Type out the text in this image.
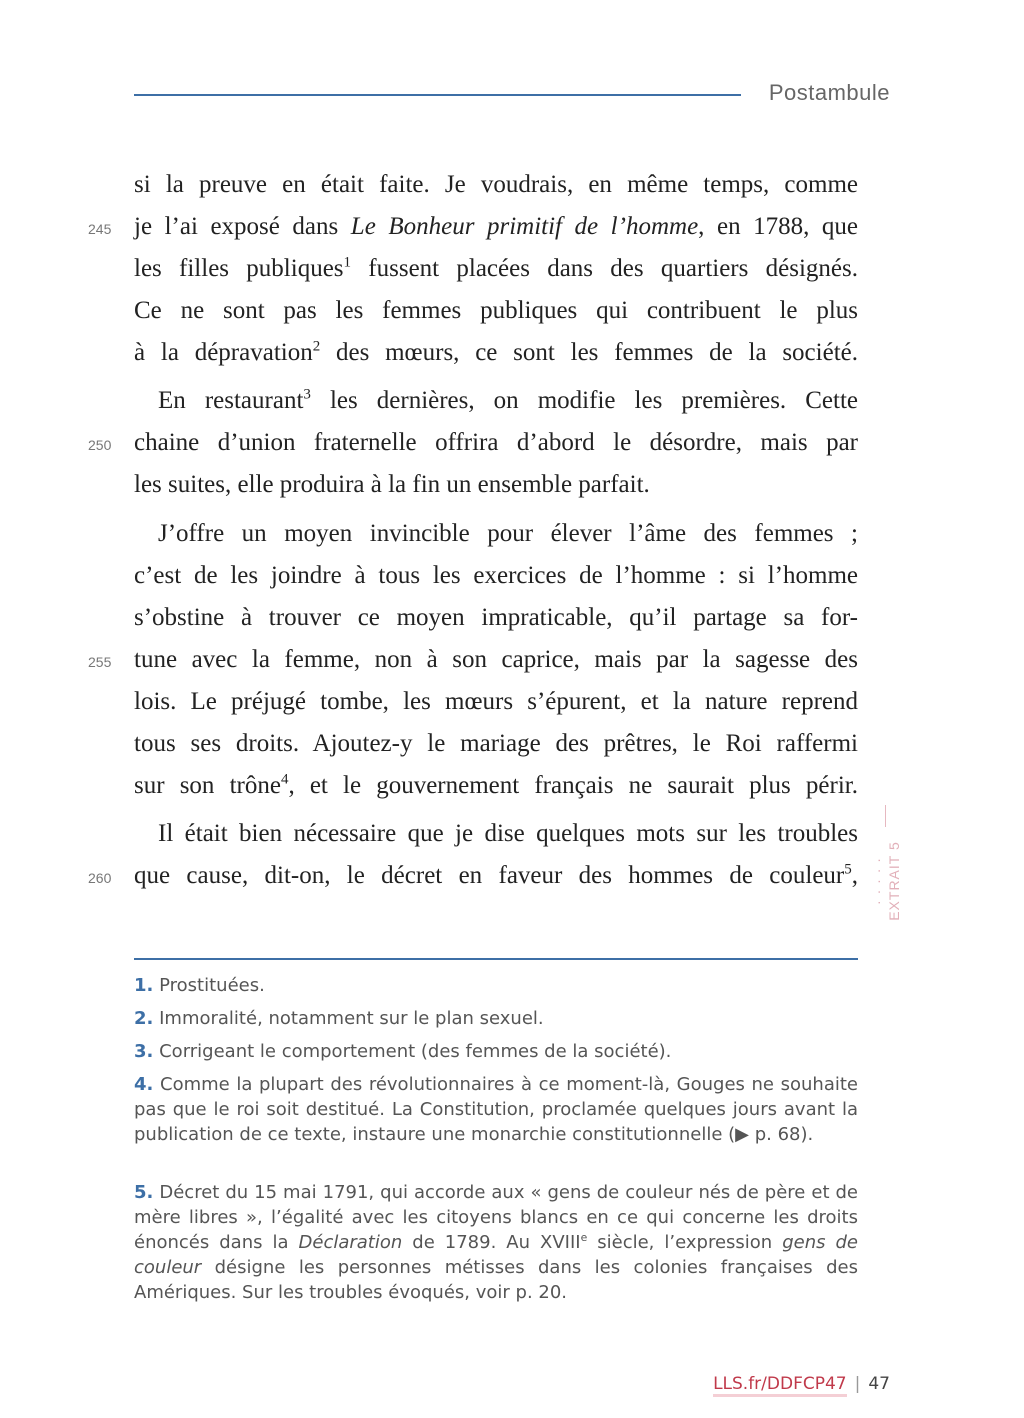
Postambule
si la preuve en était faite. Je voudrais, en même temps, comme
je l’ai exposé dans Le Bonheur primitif de l’homme, en 1788, que
les filles publiques$^1$ fussent placées dans des quartiers désignés.
Ce ne sont pas les femmes publiques qui contribuent le plus
à la dépravation$^2$ des mœurs, ce sont les femmes de la société.
En restaurant$^3$ les dernières, on modifie les premières. Cette
chaine d’union fraternelle offrira d’abord le désordre, mais par
les suites, elle produira à la fin un ensemble parfait.
J’offre un moyen invincible pour élever l’âme des femmes ;
c’est de les joindre à tous les exercices de l’homme : si l’homme
s’obstine à trouver ce moyen impraticable, qu’il partage sa for-
tune avec la femme, non à son caprice, mais par la sagesse des
lois. Le préjugé tombe, les mœurs s’épurent, et la nature reprend
tous ses droits. Ajoutez-y le mariage des prêtres, le Roi raffermi
sur son trône$^4$, et le gouvernement français ne saurait plus périr.
Il était bien nécessaire que je dise quelques mots sur les troubles
que cause, dit-on, le décret en faveur des hommes de couleur$^5$,
245
250
255
260	· · · · · EXTRAIT 5
1. Prostituées.
2. Immoralité, notamment sur le plan sexuel.
3. Corrigeant le comportement (des femmes de la société).
4. Comme la plupart des révolutionnaires à ce moment-là, Gouges ne souhaite pas que le roi soit destitué. La Constitution, proclamée quelques jours avant la publication de ce texte, instaure une monarchie constitutionnelle (▶ p. 68).
5. Décret du 15 mai 1791, qui accorde aux « gens de couleur nés de père et de mère libres », l’égalité avec les citoyens blancs en ce qui concerne les droits énoncés dans la Déclaration de 1789. Au XVIIIe siècle, l’expression gens de couleur désigne les personnes métisses dans les colonies françaises des Amériques. Sur les troubles évoqués, voir p. 20.
LLS.fr/DDFCP47 | 47
